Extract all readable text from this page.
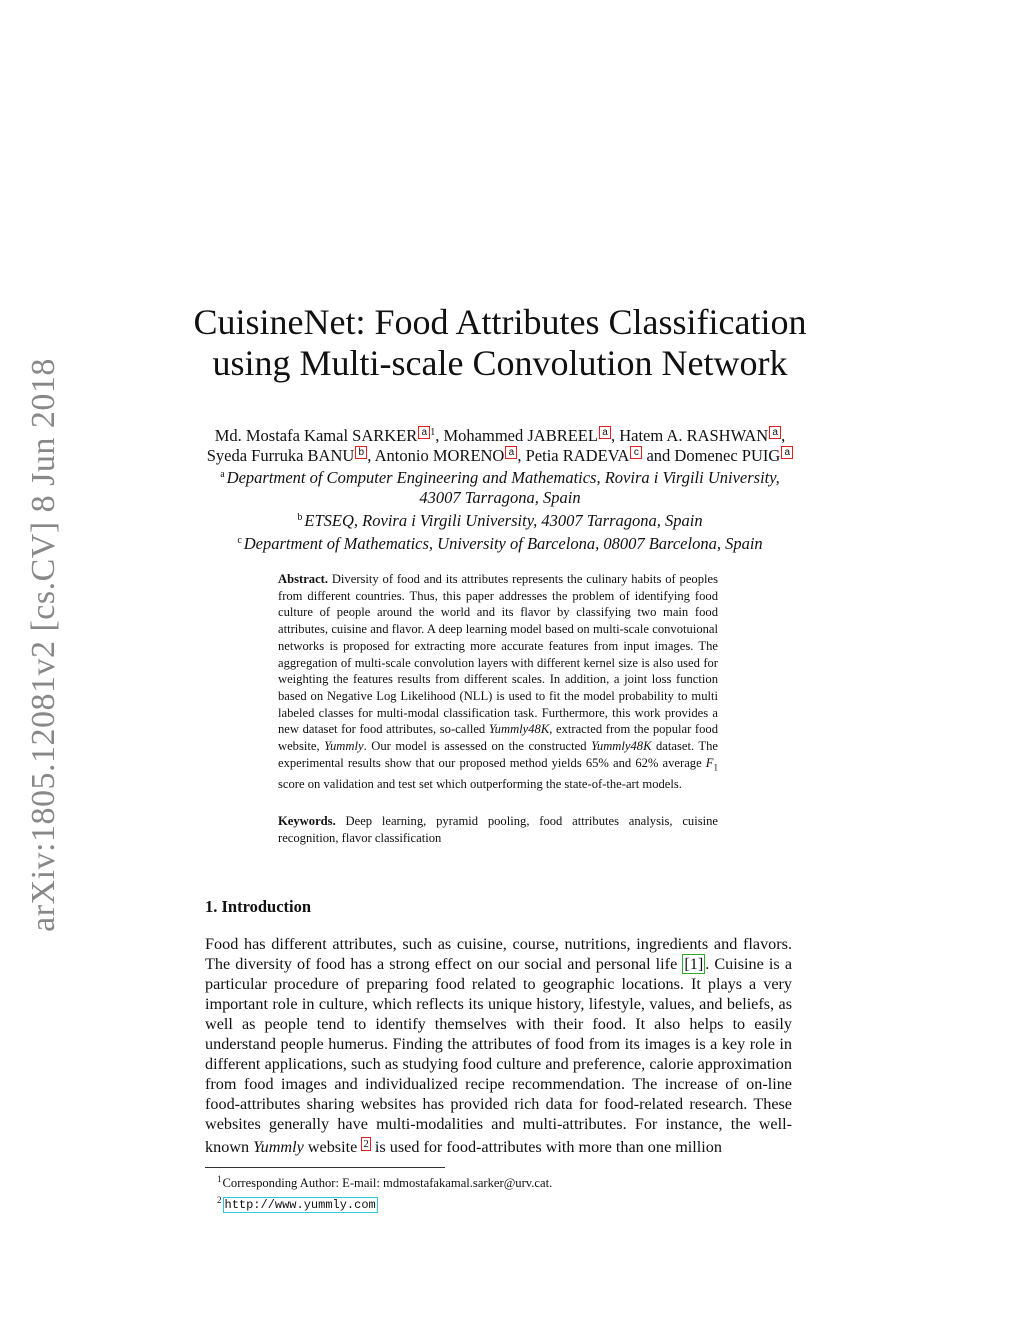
arXiv:1805.12081v2 [cs.CV] 8 Jun 2018
CuisineNet: Food Attributes Classification
using Multi-scale Convolution Network
Md. Mostafa Kamal SARKER a $^1$, Mohammed JABREEL a , Hatem A. RASHWAN a ,
Syeda Furruka BANU b , Antonio MORENO a , Petia RADEVA c and Domenec PUIG a
$^a$ Department of Computer Engineering and Mathematics, Rovira i Virgili University,
43007 Tarragona, Spain
$^b$ ETSEQ, Rovira i Virgili University, 43007 Tarragona, Spain
$^c$ Department of Mathematics, University of Barcelona, 08007 Barcelona, Spain
Abstract. Diversity of food and its attributes represents the culinary habits of peoples from different countries. Thus, this paper addresses the problem of identifying food culture of people around the world and its flavor by classifying two main food attributes, cuisine and flavor. A deep learning model based on multi-scale convotuional networks is proposed for extracting more accurate features from input images. The aggregation of multi-scale convolution layers with different kernel size is also used for weighting the features results from different scales. In addition, a joint loss function based on Negative Log Likelihood (NLL) is used to fit the model probability to multi labeled classes for multi-modal classification task. Furthermore, this work provides a new dataset for food attributes, so-called Yummly48K, extracted from the popular food website, Yummly. Our model is assessed on the constructed Yummly48K dataset. The experimental results show that our proposed method yields 65% and 62% average $F_1$ score on validation and test set which outperforming the state-of-the-art models.
Keywords. Deep learning, pyramid pooling, food attributes analysis, cuisine recognition, flavor classification
1. Introduction
Food has different attributes, such as cuisine, course, nutritions, ingredients and flavors. The diversity of food has a strong effect on our social and personal life [1] . Cuisine is a particular procedure of preparing food related to geographic locations. It plays a very important role in culture, which reflects its unique history, lifestyle, values, and beliefs, as well as people tend to identify themselves with their food. It also helps to easily understand people humerus. Finding the attributes of food from its images is a key role in different applications, such as studying food culture and preference, calorie approximation from food images and individualized recipe recommendation. The increase of on-line food-attributes sharing websites has provided rich data for food-related research. These websites generally have multi-modalities and multi-attributes. For instance, the well-known Yummly website $^2$ is used for food-attributes with more than one million
$^1$Corresponding Author: E-mail: mdmostafakamal.sarker@urv.cat.
$^2$ http://www.yummly.com
